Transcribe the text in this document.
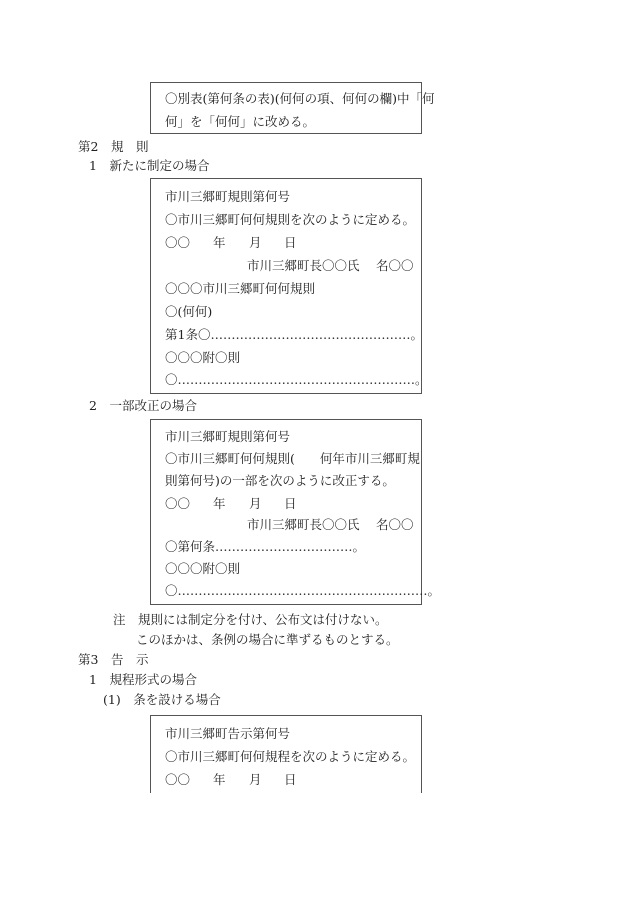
〇別表(第何条の表)(何何の項、何何の欄)中「何
何」を「何何」に改める。
第2　規　則
1　新たに制定の場合
市川三郷町規則第何号
〇市川三郷町何何規則を次のように定める。
〇〇 年 月 日
市川三郷町長〇〇氏 名〇〇
〇〇〇市川三郷町何何規則
〇(何何)
第1条〇…………………………………………。
〇〇〇附〇則
〇…………………………………………………。
2　一部改正の場合
市川三郷町規則第何号
〇市川三郷町何何規則(　　何年市川三郷町規
則第何号)の一部を次のように改正する。
〇〇 年 月 日
市川三郷町長〇〇氏 名〇〇
〇第何条……………………………。
〇〇〇附〇則
〇……………………………………………………。
注　規則には制定分を付け、公布文は付けない。
このほかは、条例の場合に準ずるものとする。
第3　告　示
1　規程形式の場合
(1)　条を設ける場合
市川三郷町告示第何号
〇市川三郷町何何規程を次のように定める。
〇〇 年 月 日
